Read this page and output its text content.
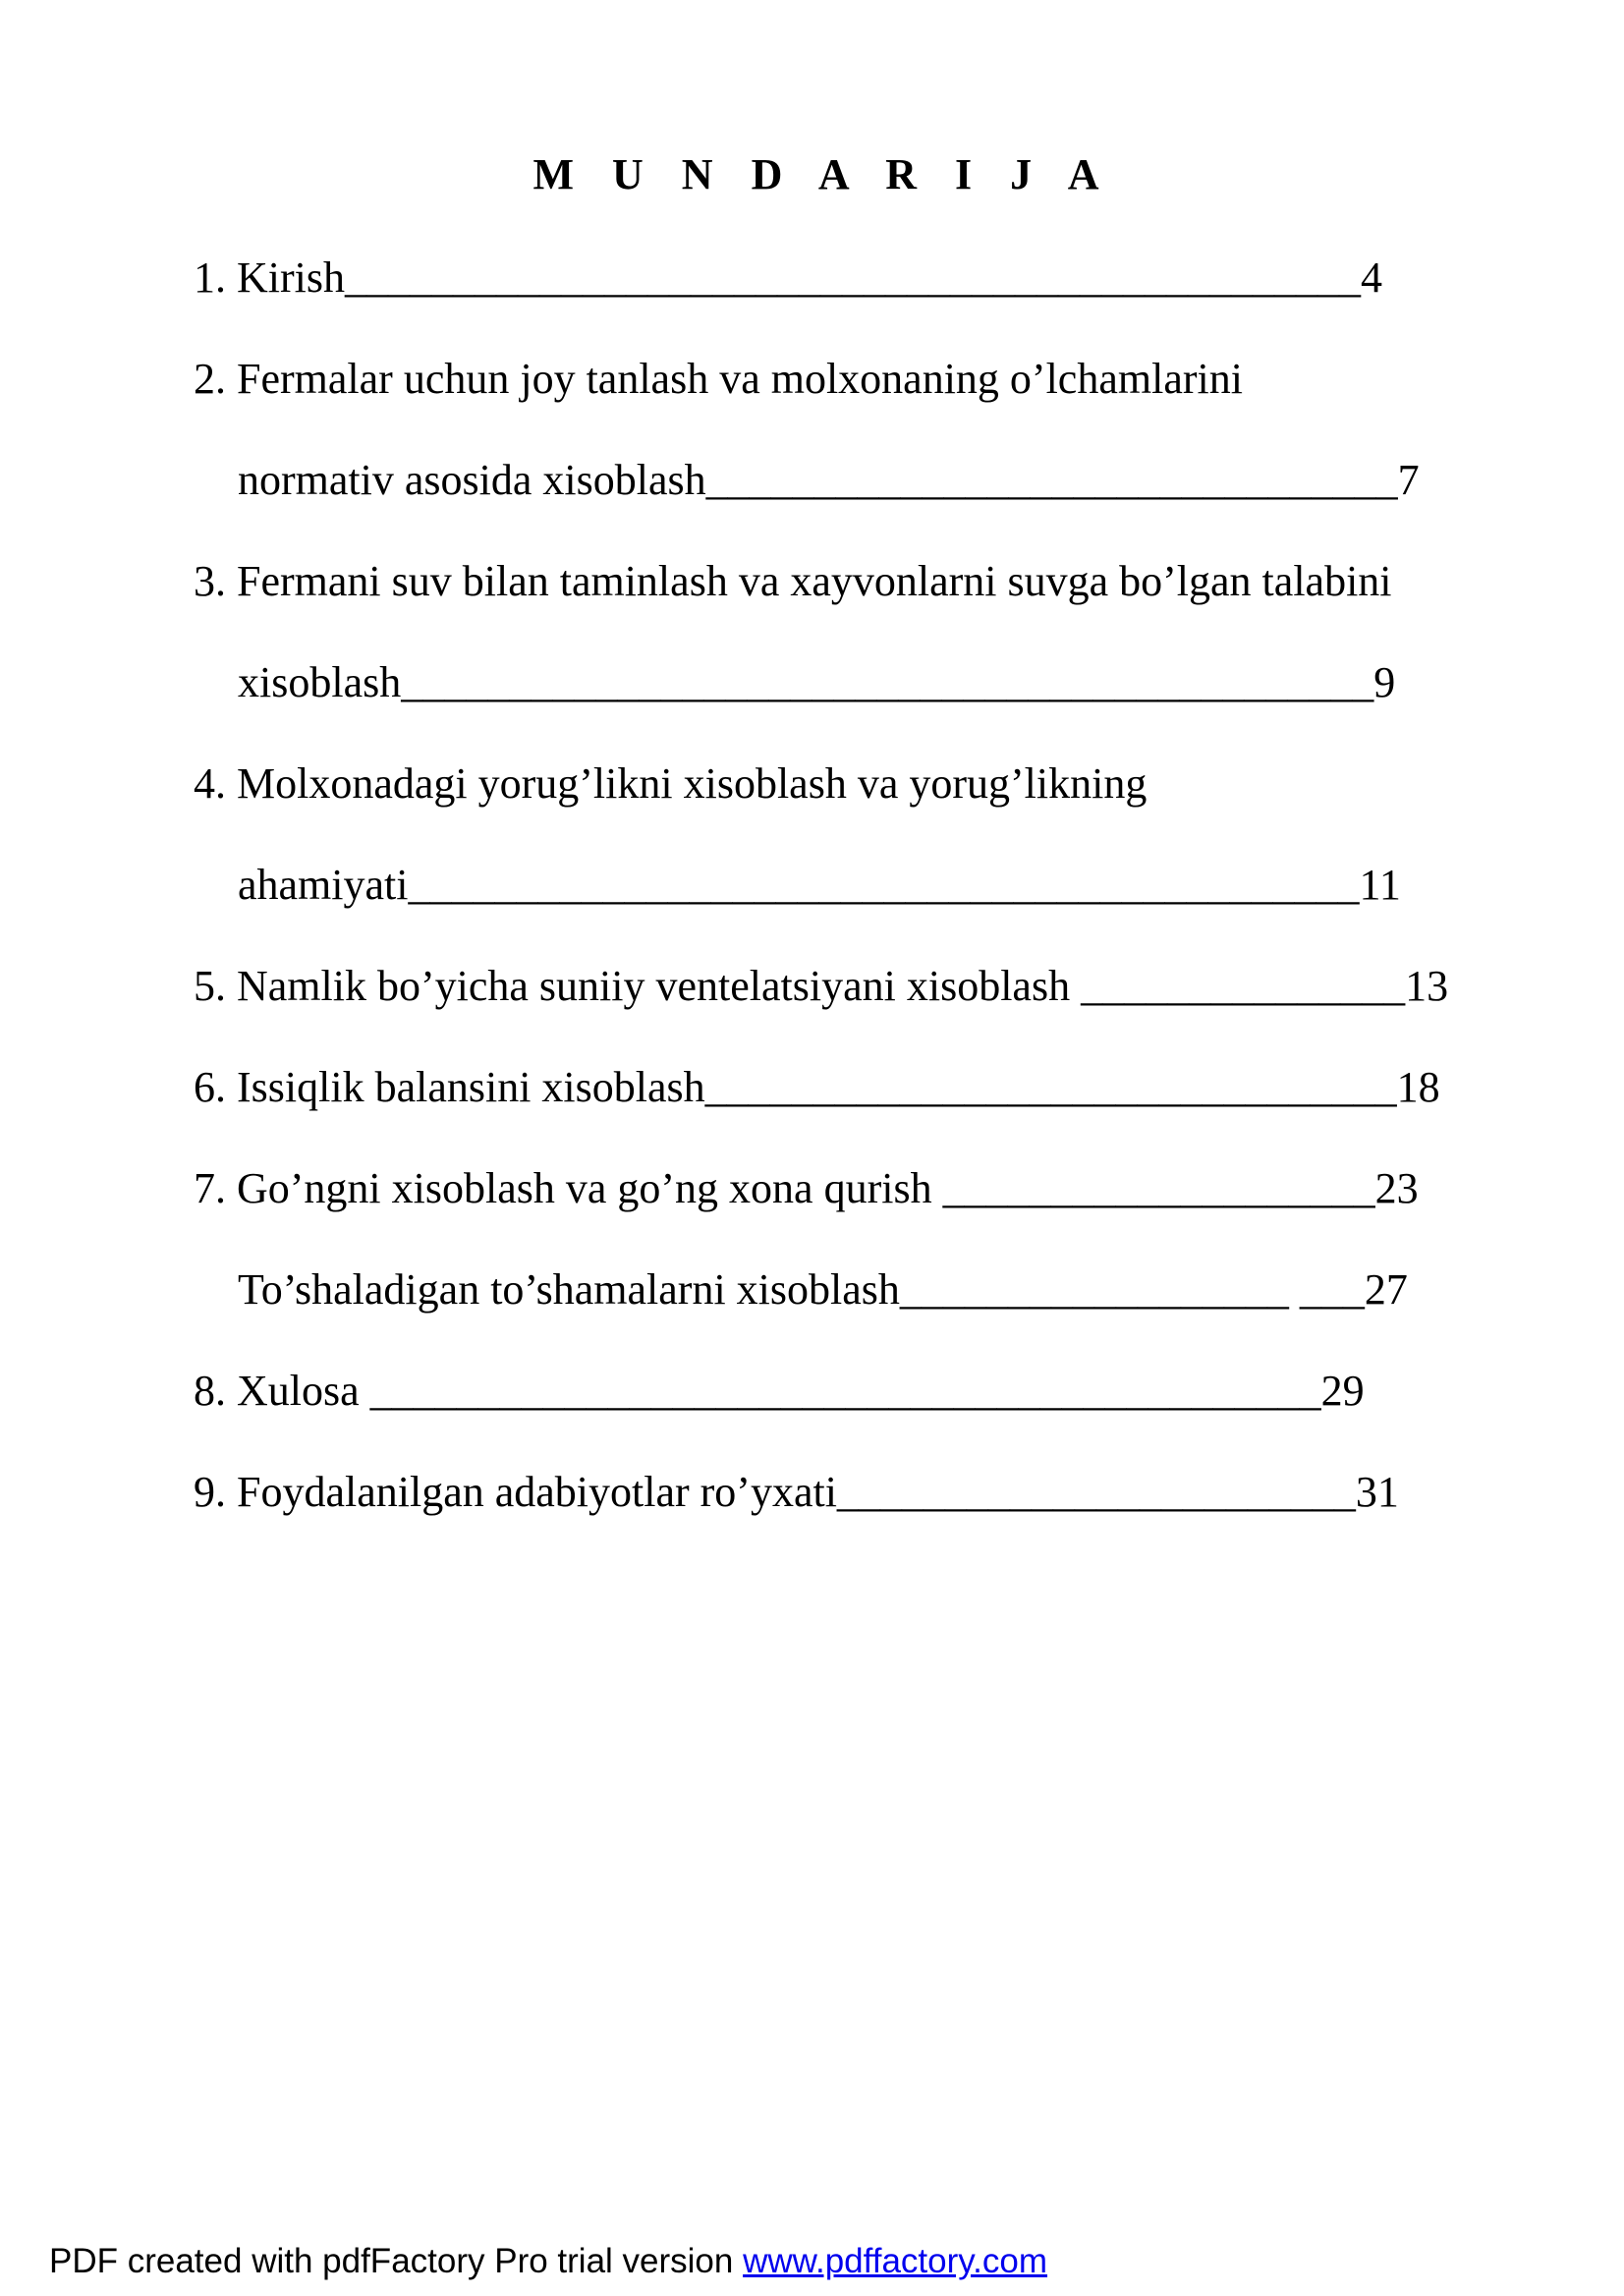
M U N D A R I J A
1. Kirish_______________________________________________4
2. Fermalar uchun joy tanlash va molxonaning o’lchamlarini
normativ asosida xisoblash________________________________7
3. Fermani suv bilan taminlash va xayvonlarni suvga bo’lgan talabini
xisoblash_____________________________________________9
4. Molxonadagi yorug’likni xisoblash va yorug’likning
ahamiyati____________________________________________11
5. Namlik bo’yicha suniiy ventelatsiyani xisoblash _______________13
6. Issiqlik balansini xisoblash________________________________18
7. Go’ngni xisoblash va go’ng xona qurish ____________________23
To’shaladigan to’shamalarni xisoblash__________________ ___27
8. Xulosa ____________________________________________29
9. Foydalanilgan adabiyotlar ro’yxati________________________31
PDF created with pdfFactory Pro trial version www.pdffactory.com
